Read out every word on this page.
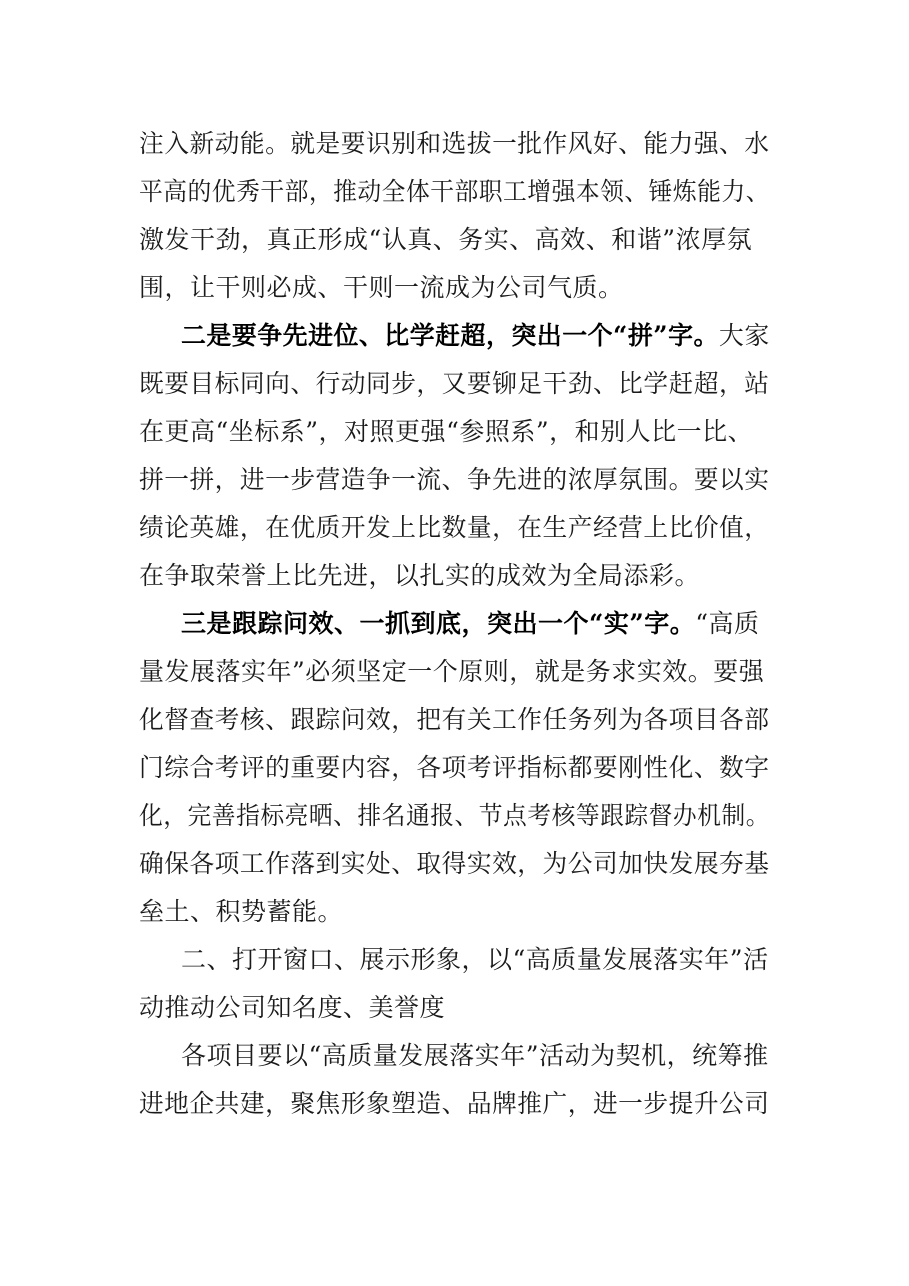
注入新动能。就是要识别和选拔一批作风好、能力强、水
平高的优秀干部，推动全体干部职工增强本领、锤炼能力、
激发干劲，真正形成“认真、务实、高效、和谐”浓厚氛
围，让干则必成、干则一流成为公司气质。
二是要争先进位、比学赶超，突出一个“拼”字。大家
既要目标同向、行动同步，又要铆足干劲、比学赶超，站
在更高“坐标系”，对照更强“参照系”，和别人比一比、
拼一拼，进一步营造争一流、争先进的浓厚氛围。要以实
绩论英雄，在优质开发上比数量，在生产经营上比价值，
在争取荣誉上比先进，以扎实的成效为全局添彩。
三是跟踪问效、一抓到底，突出一个“实”字。“高质
量发展落实年”必须坚定一个原则，就是务求实效。要强
化督查考核、跟踪问效，把有关工作任务列为各项目各部
门综合考评的重要内容，各项考评指标都要刚性化、数字
化，完善指标亮晒、排名通报、节点考核等跟踪督办机制。
确保各项工作落到实处、取得实效，为公司加快发展夯基
垒土、积势蓄能。
二、打开窗口、展示形象，以“高质量发展落实年”活
动推动公司知名度、美誉度
各项目要以“高质量发展落实年”活动为契机，统筹推
进地企共建，聚焦形象塑造、品牌推广，进一步提升公司
